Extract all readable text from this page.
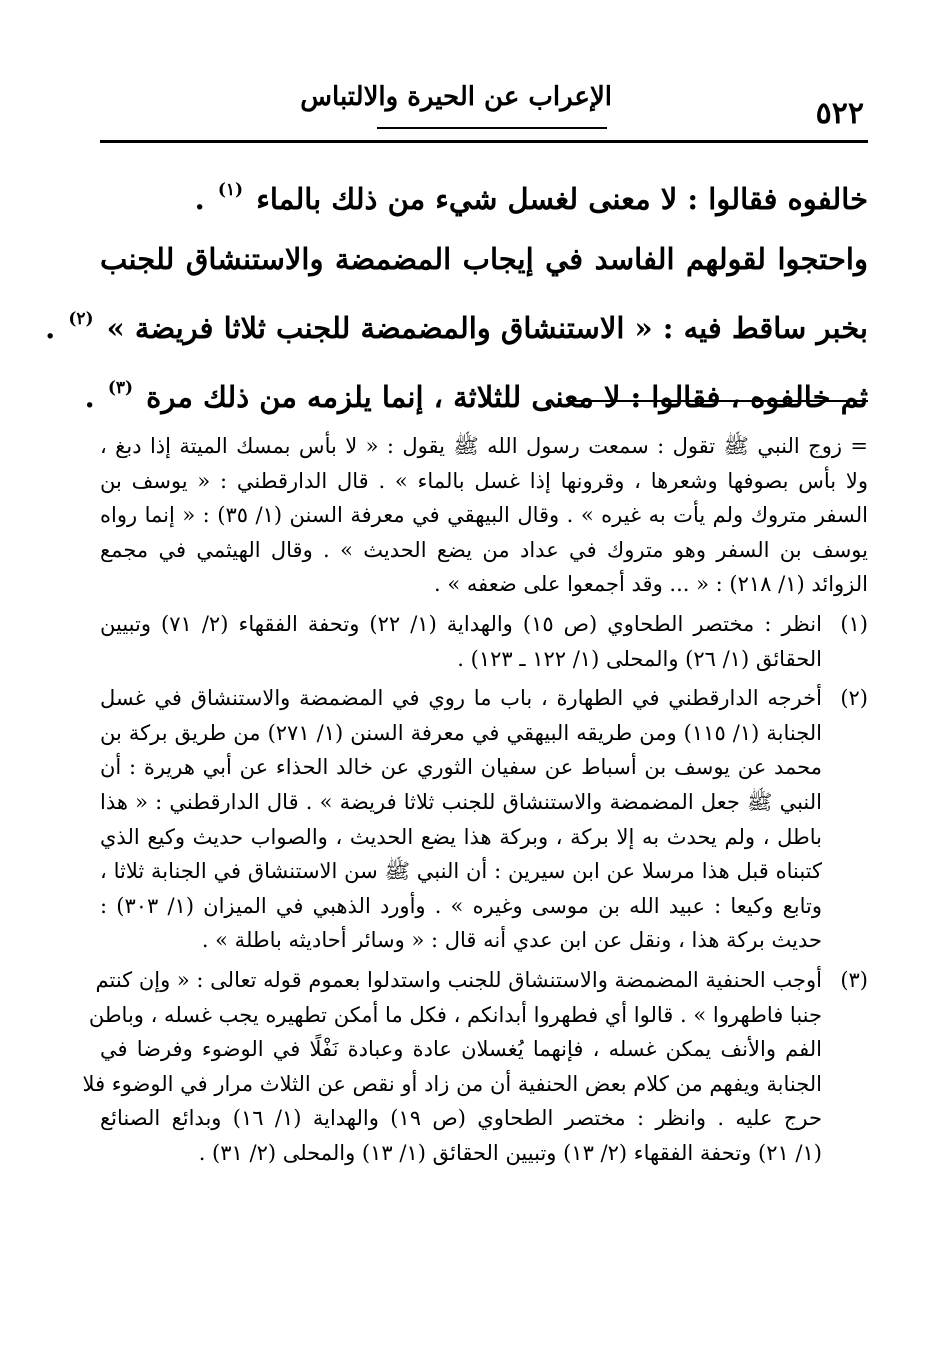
الإعراب عن الحيرة والالتباس	٥٢٢

خالفوه فقالوا : لا معنى لغسل شيء من ذلك بالماء $^{(١)}$ .

واحتجوا لقولهم الفاسد في إيجاب المضمضة والاستنشاق للجنب

بخبر ساقط فيه : « الاستنشاق والمضمضة للجنب ثلاثا فريضة » $^{(٢)}$ .

ثم خالفوه ، فقالوا : لا معنى للثلاثة ، إنما يلزمه من ذلك مرة $^{(٣)}$ .

= زوج النبي ﷺ تقول : سمعت رسول الله ﷺ يقول : « لا بأس بمسك الميتة إذا دبغ ،

ولا بأس بصوفها وشعرها ، وقرونها إذا غسل بالماء » . قال الدارقطني : « يوسف بن

السفر متروك ولم يأت به غيره » . وقال البيهقي في معرفة السنن (١/ ٣٥) : « إنما رواه

يوسف بن السفر وهو متروك في عداد من يضع الحديث » . وقال الهيثمي في مجمع

الزوائد (١/ ٢١٨) : « ... وقد أجمعوا على ضعفه » .

(١)

انظر : مختصر الطحاوي (ص ١٥) والهداية (١/ ٢٢) وتحفة الفقهاء (٢/ ٧١) وتبيين

الحقائق (١/ ٢٦) والمحلى (١/ ١٢٢ ـ ١٢٣) .

(٢)

أخرجه الدارقطني في الطهارة ، باب ما روي في المضمضة والاستنشاق في غسل

الجنابة (١/ ١١٥) ومن طريقه البيهقي في معرفة السنن (١/ ٢٧١) من طريق بركة بن

محمد عن يوسف بن أسباط عن سفيان الثوري عن خالد الحذاء عن أبي هريرة : أن

النبي ﷺ جعل المضمضة والاستنشاق للجنب ثلاثا فريضة » . قال الدارقطني : « هذا

باطل ، ولم يحدث به إلا بركة ، وبركة هذا يضع الحديث ، والصواب حديث وكيع الذي

كتبناه قبل هذا مرسلا عن ابن سيرين : أن النبي ﷺ سن الاستنشاق في الجنابة ثلاثا ،

وتابع وكيعا : عبيد الله بن موسى وغيره » . وأورد الذهبي في الميزان (١/ ٣٠٣) :

حديث بركة هذا ، ونقل عن ابن عدي أنه قال : « وسائر أحاديثه باطلة » .

(٣)

أوجب الحنفية المضمضة والاستنشاق للجنب واستدلوا بعموم قوله تعالى : « وإن كنتم

جنبا فاطهروا » . قالوا أي فطهروا أبدانكم ، فكل ما أمكن تطهيره يجب غسله ، وباطن

الفم والأنف يمكن غسله ، فإنهما يُغسلان عادة وعبادة نَفْلًا في الوضوء وفرضا في

الجنابة ويفهم من كلام بعض الحنفية أن من زاد أو نقص عن الثلاث مرار في الوضوء فلا

حرج عليه . وانظر : مختصر الطحاوي (ص ١٩) والهداية (١/ ١٦) وبدائع الصنائع

(١/ ٢١) وتحفة الفقهاء (٢/ ١٣) وتبيين الحقائق (١/ ١٣) والمحلى (٢/ ٣١) .
